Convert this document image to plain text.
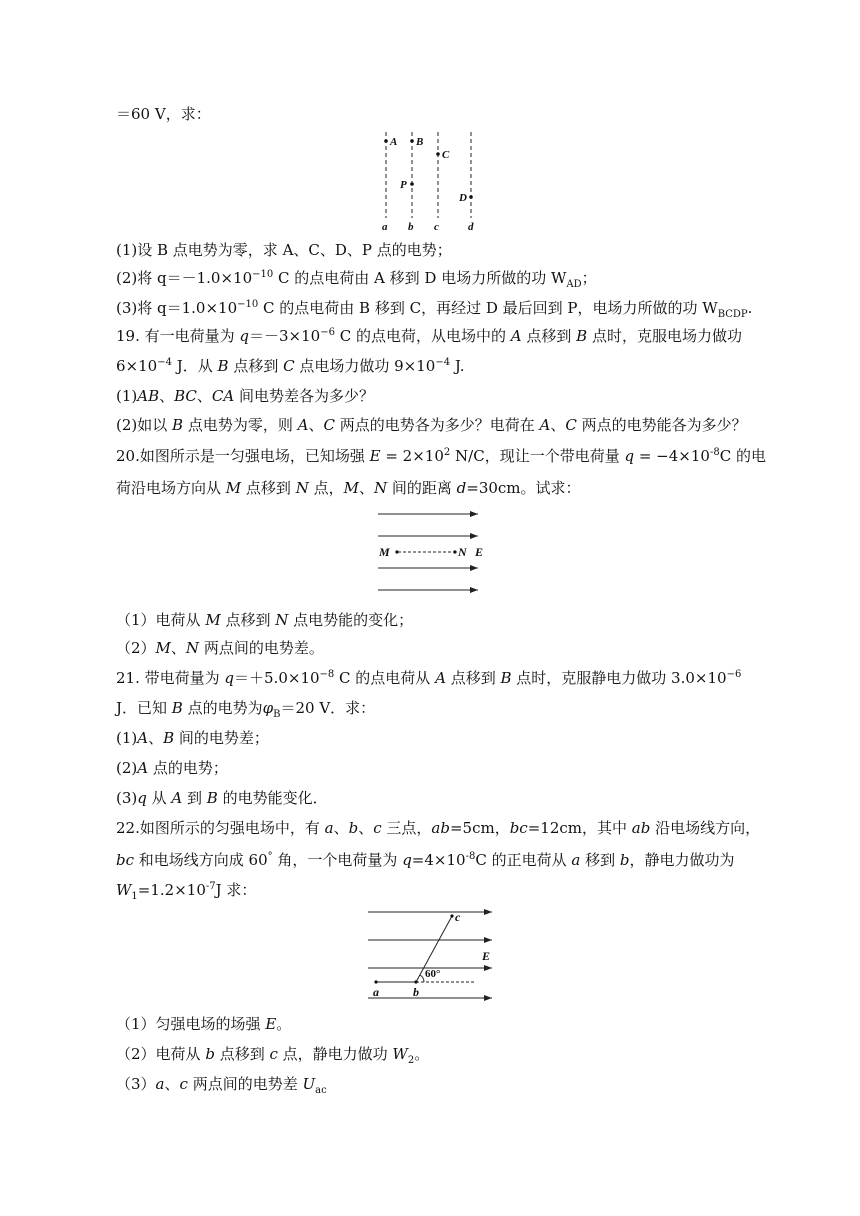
＝60 V，求：
A B
C
P
D
a b c	d
(1)设 B 点电势为零，求 A、C、D、P 点的电势；
(2)将 $q=-1.0\times 10^{-10}$ C 的点电荷由 A 移到 D 电场力所做的功 $W_{AD}$；
(3)将 $q=1.0\times 10^{-10}$ C 的点电荷由 B 移到 C，再经过 D 最后回到 P，电场力所做的功 $W_{BCDP}$.
19. 有一电荷量为 $q=-3\times 10^{-6}$ C 的点电荷，从电场中的 A 点移到 B 点时，克服电场力做功
$6\times 10^{-4}$ J．从 B 点移到 C 点电场力做功 $9\times 10^{-4}$ J.
(1)AB、BC、CA 间电势差各为多少？
(2)如以 B 点电势为零，则 A、C 两点的电势各为多少？电荷在 A、C 两点的电势能各为多少？
20.如图所示是一匀强电场，已知场强 $E = 2\times 10^2$ N/C，现让一个带电荷量 $q = -4\times 10^{-8}C$ 的电
荷沿电场方向从 M 点移到 N 点，M、N 间的距离 d=30cm。试求：
M	N E
（1）电荷从 M 点移到 N 点电势能的变化；
（2）M、N 两点间的电势差。
21. 带电荷量为 $q=+5.0\times 10^{-8}$ C 的点电荷从 A 点移到 B 点时，克服静电力做功 $3.0\times 10^{-6}$
J．已知 B 点的电势为$\varphi_B=20$ V．求：
(1)A、B 间的电势差；
(2)A 点的电势；
(3)q 从 A 到 B 的电势能变化．
22.如图所示的匀强电场中，有 a、b、c 三点，ab=5cm，bc=12cm，其中 ab 沿电场线方向，
bc 和电场线方向成 60° 角，一个电荷量为 $q=4\times 10^{-8}C$ 的正电荷从 a 移到 b，静电力做功为
$W_1=1.2\times 10^{-7}J$ 求：
a	b
c
E
60°
（1）匀强电场的场强 E。
（2）电荷从 b 点移到 c 点，静电力做功 $W_2$。
（3）a、c 两点间的电势差 $U_{ac}$
